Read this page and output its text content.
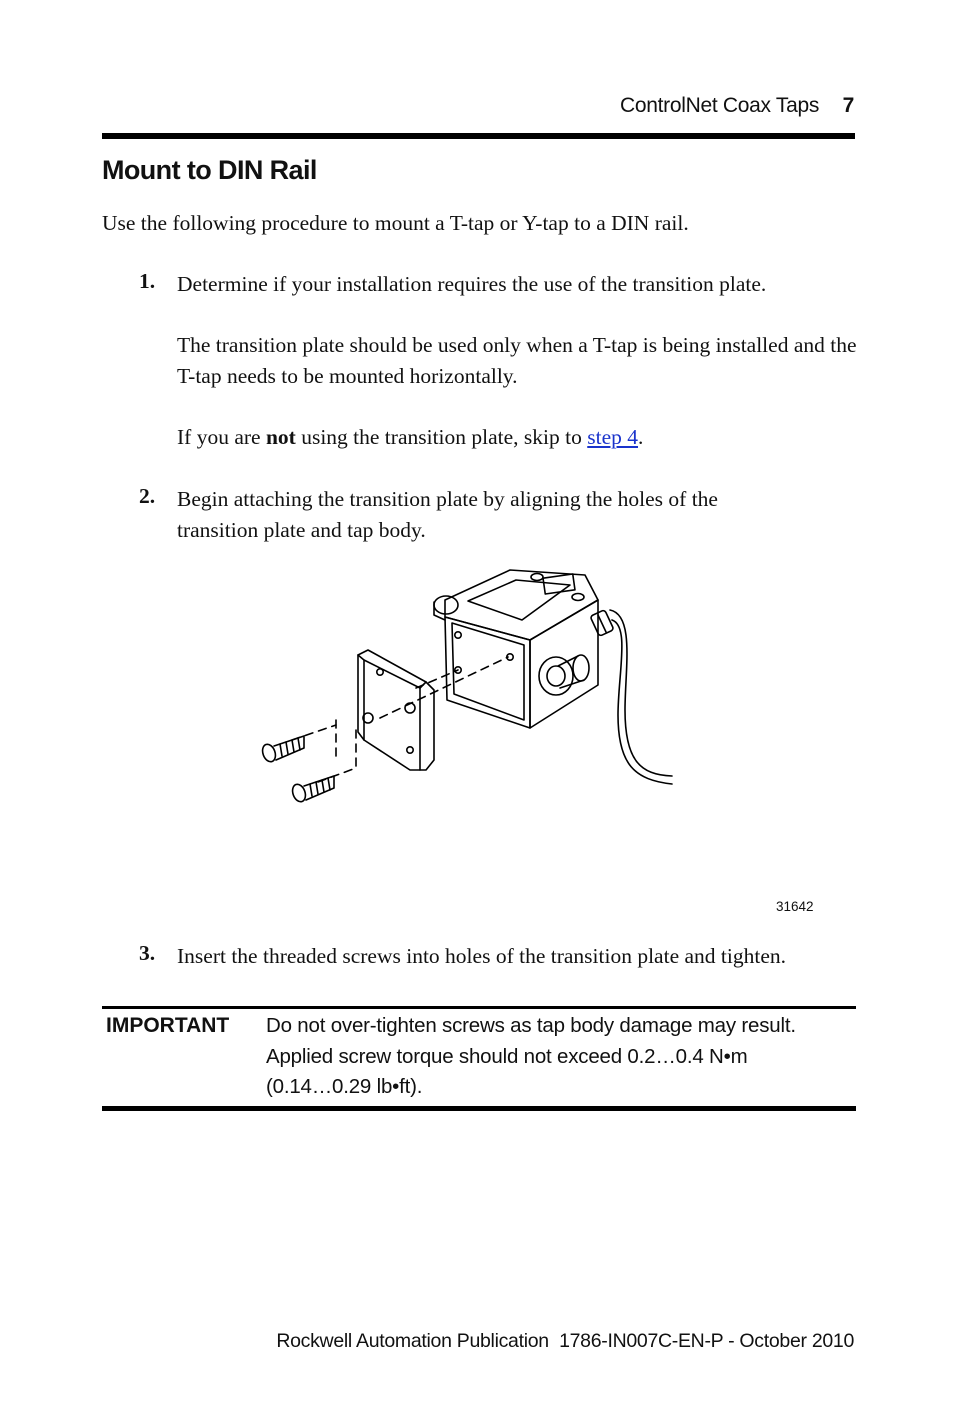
ControlNet Coax Taps 7
Mount to DIN Rail

Use the following procedure to mount a T-tap or Y-tap to a DIN rail.

1. Determine if your installation requires the use of the transition plate.

The transition plate should be used only when a T-tap is being installed and the T-tap needs to be mounted horizontally.

If you are not using the transition plate, skip to step 4.

2. Begin attaching the transition plate by aligning the holes of the transition plate and tap body.

31642
3. Insert the threaded screws into holes of the transition plate and tighten.

IMPORTANT Do not over-tighten screws as tap body damage may result.
Applied screw torque should not exceed 0.2…0.4 N•m
(0.14…0.29 lb•ft).
Rockwell Automation Publication  1786-IN007C-EN-P - October 2010
